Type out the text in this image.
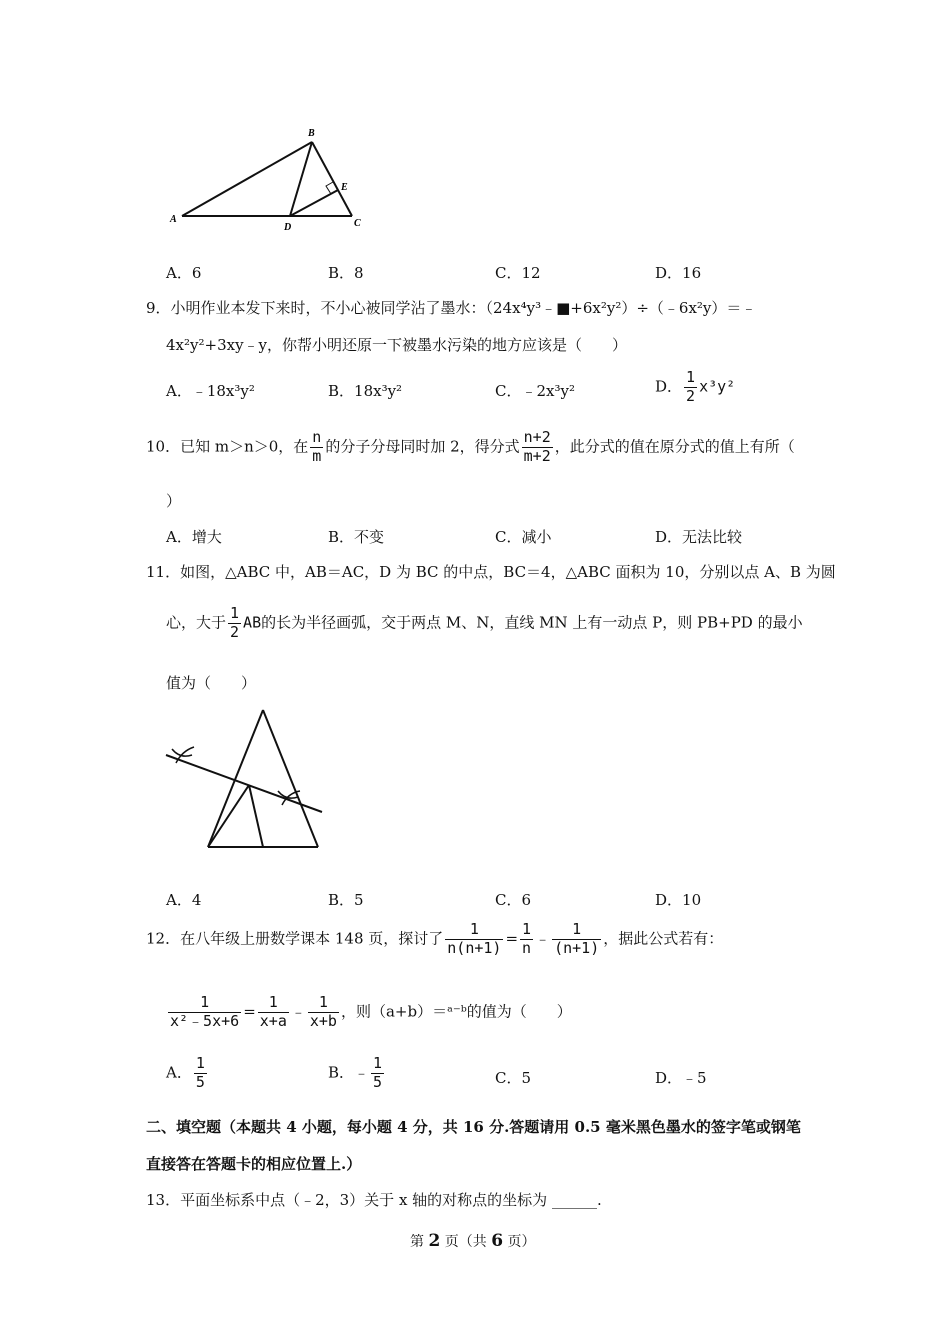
A
B
C
D
E
A．6	B．8	C．12	D．16
9．小明作业本发下来时，不小心被同学沾了墨水：（24x⁴y³﹣■+6x²y²）÷（﹣6x²y）＝﹣
4x²y²+3xy﹣y，你帮小明还原一下被墨水污染的地方应该是（　　）
A．﹣18x³y²	B．18x³y²	C．﹣2x³y²	D． $\frac{1}{2} x^3y^2$
10．已知 m＞n＞0，在 $\frac{n}{m}$ 的分子分母同时加 2，得分式 $\frac{n+2}{m+2}$ ，此分式的值在原分式的值上有所（
）
A．增大	B．不变	C．减小	D．无法比较
11．如图，△ABC 中，AB＝AC，D 为 BC 的中点，BC＝4，△ABC 面积为 10，分别以点 A、B 为圆
心，大于 $\frac{1}{2}$ AB的长为半径画弧，交于两点 M、N，直线 MN 上有一动点 P，则 PB+PD 的最小
值为（　　）
A．4	B．5	C．6	D．10
12．在八年级上册数学课本 148 页，探讨了 $\frac{1}{n(n+1)} = \frac{1}{n}$ ﹣ $\frac{1}{(n+1)}$ ，据此公式若有：
$\frac{1}{\text{x²﹣5x+6}} = \frac{1}{x+a}$ ﹣ $\frac{1}{x+b}$ ，则（a+b）＝ᵃ⁻ᵇ的值为（　　）
A． $\frac{1}{5}$	B．﹣ $\frac{1}{5}$	C．5	D．﹣5
二、填空题（本题共 4 小题，每小题 4 分，共 16 分.答题请用 0.5 毫米黑色墨水的签字笔或钢笔
直接答在答题卡的相应位置上.）
13．平面坐标系中点（﹣2，3）关于 x 轴的对称点的坐标为 ______.
第 2 页（共 6 页）
